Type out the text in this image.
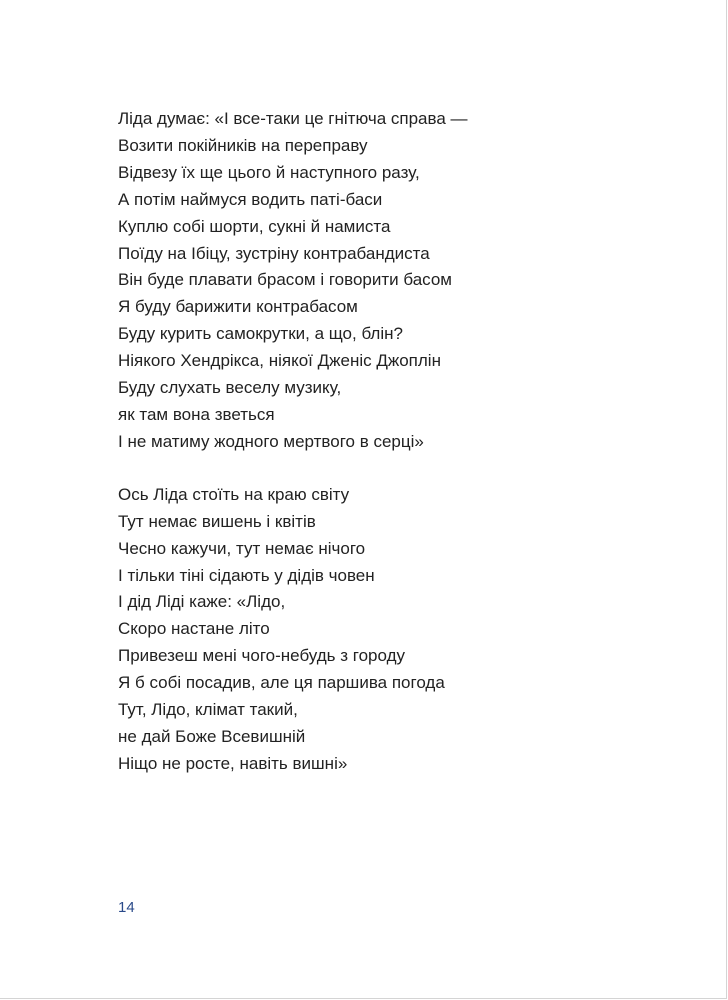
Ліда думає: «І все-таки це гнітюча справа —
Возити покійників на переправу
Відвезу їх ще цього й наступного разу,
А потім наймуся водить паті-баси
Куплю собі шорти, сукні й намиста
Поїду на Ібіцу, зустріну контрабандиста
Він буде плавати брасом і говорити басом
Я буду барижити контрабасом
Буду курить самокрутки, а що, блін?
Ніякого Хендрікса, ніякої Дженіс Джоплін
Буду слухать веселу музику,
як там вона зветься
І не матиму жодного мертвого в серці»
Ось Ліда стоїть на краю світу
Тут немає вишень і квітів
Чесно кажучи, тут немає нічого
І тільки тіні сідають у дідів човен
І дід Ліді каже: «Лідо,
Скоро настане літо
Привезеш мені чого-небудь з городу
Я б собі посадив, але ця паршива погода
Тут, Лідо, клімат такий,
не дай Боже Всевишній
Ніщо не росте, навіть вишні»
14
